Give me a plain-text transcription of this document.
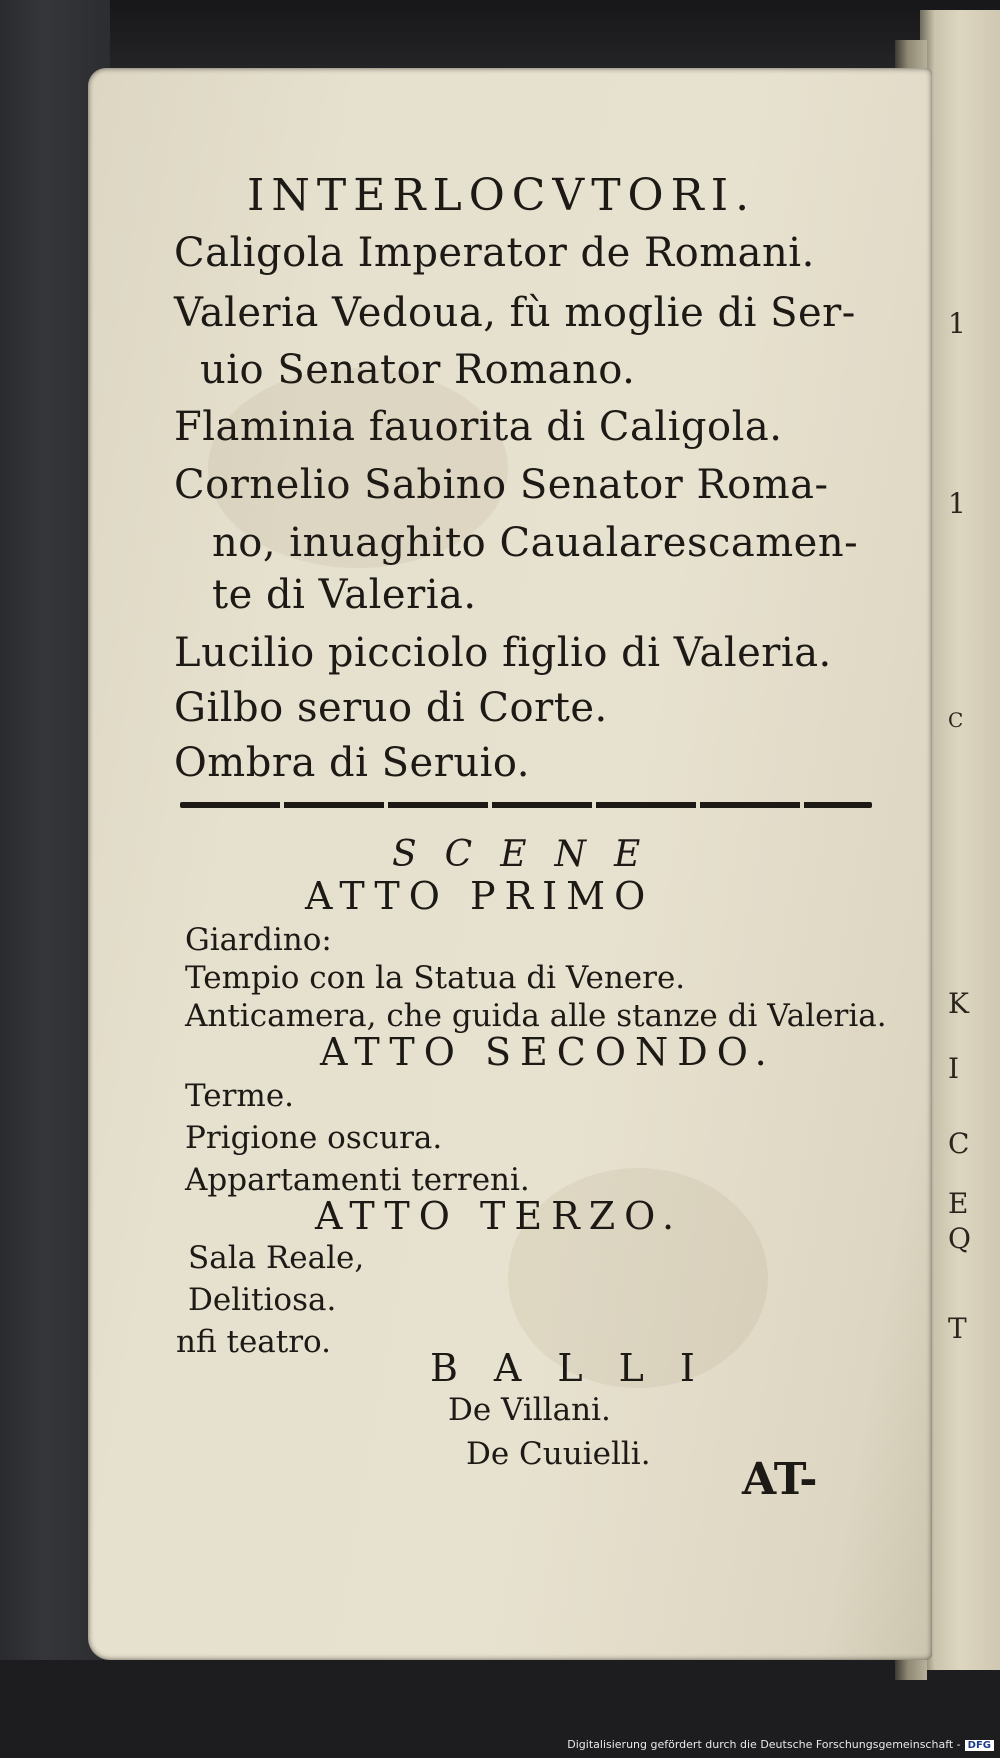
1
1
C
K
I
C
E
Q
T
INTERLOCVTORI.
Caligola Imperator de Romani.
Valeria Vedoua, fù moglie di Ser-
uio Senator Romano.
Flaminia fauorita di Caligola.
Cornelio Sabino Senator Roma-
no, inuaghito Caualarescamen-
te di Valeria.
Lucilio picciolo figlio di Valeria.
Gilbo seruo di Corte.
Ombra di Seruio.
SCENE
ATTO PRIMO
Giardino:
Tempio con la Statua di Venere.
Anticamera, che guida alle stanze di Valeria.
ATTO SECONDO.
Terme.
Prigione oscura.
Appartamenti terreni.
ATTO TERZO.
Sala Reale,
Delitiosa.
nfi teatro.
BALLI
De Villani.
De Cuuielli. AT-
Digitalisierung gefördert durch die Deutsche Forschungsgemeinschaft - DFG
